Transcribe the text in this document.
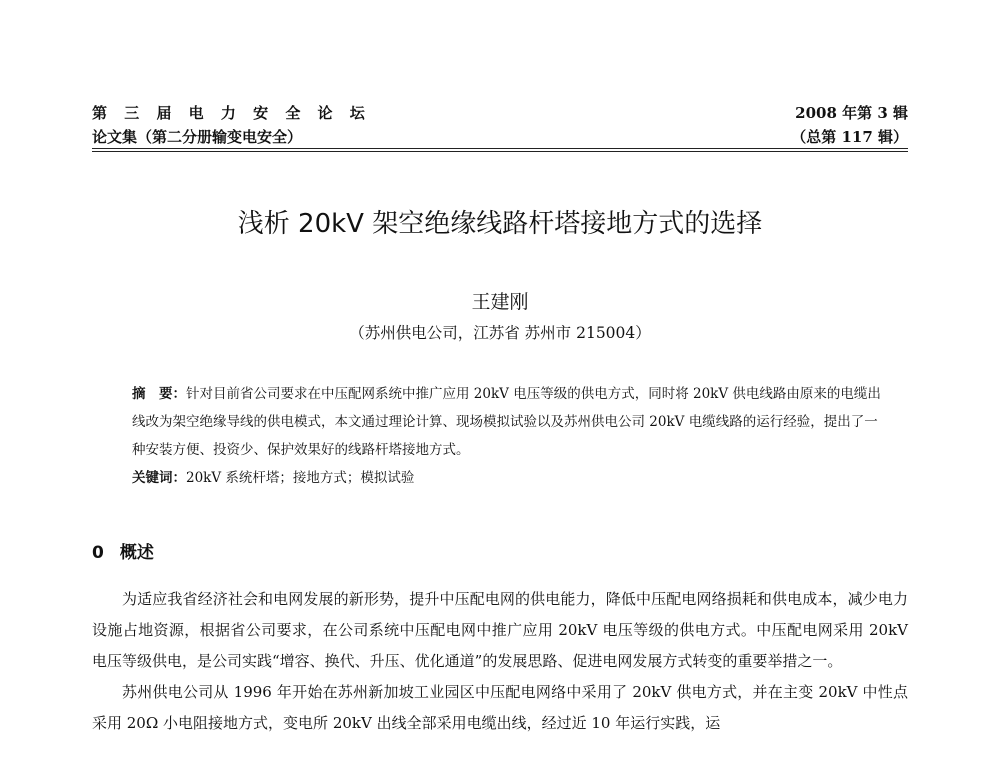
第 三 届 电 力 安 全 论 坛
论文集（第二分册输变电安全）
2008 年第 3 辑
（总第 117 辑）
浅析 20kV 架空绝缘线路杆塔接地方式的选择
王建刚
（苏州供电公司，江苏省 苏州市 215004）

摘　要：针对目前省公司要求在中压配网系统中推广应用 20kV 电压等级的供电方式，同时将 20kV 供电线路由原来的电缆出线改为架空绝缘导线的供电模式，本文通过理论计算、现场模拟试验以及苏州供电公司 20kV 电缆线路的运行经验，提出了一种安装方便、投资少、保护效果好的线路杆塔接地方式。

关键词：20kV 系统杆塔；接地方式；模拟试验

0 概述

为适应我省经济社会和电网发展的新形势，提升中压配电网的供电能力，降低中压配电网络损耗和供电成本，减少电力设施占地资源，根据省公司要求，在公司系统中压配电网中推广应用 20kV 电压等级的供电方式。中压配电网采用 20kV 电压等级供电，是公司实践“增容、换代、升压、优化通道”的发展思路、促进电网发展方式转变的重要举措之一。

苏州供电公司从 1996 年开始在苏州新加坡工业园区中压配电网络中采用了 20kV 供电方式，并在主变 20kV 中性点采用 20Ω 小电阻接地方式，变电所 20kV 出线全部采用电缆出线，经过近 10 年运行实践，运
